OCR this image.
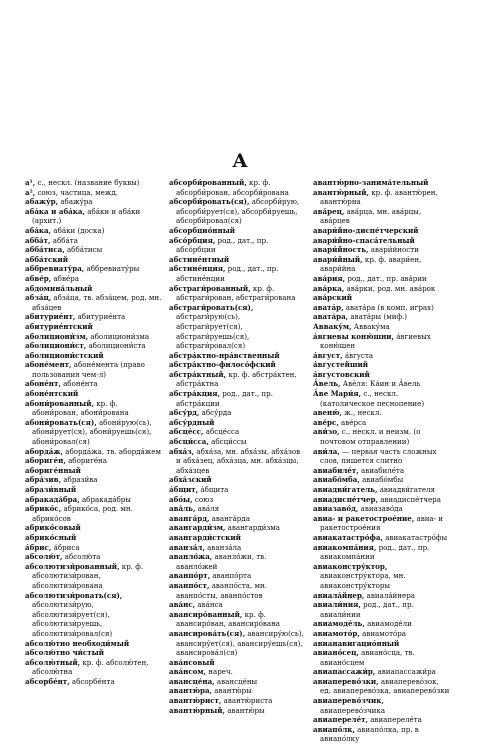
А

а¹, с., нескл. (название буквы)

а², союз, частица, межд.

абажу́р, абажу́ра

аба́ка и аба́ка, аба́ки и аба́ки (архит.)

аба́ка, аба́ки (доска)

абба́т, абба́та

абба́тиса, абба́тисы

абба́тский

аббревиату́ра, аббревиату́ры

абве́р, абве́ра

абдомина́льный

абза́ц, абза́ца, тв. абза́цем, род. мн. абза́цев

абитурие́нт, абитурие́нта

абитурие́нтский

аболициони́зм, аболициони́зма

аболициони́ст, аболициони́ста

аболициони́стский

абоне́мент, абоне́мента (право пользования чем-л)

абоне́нт, абоне́нта

абоне́нтский

абони́рованный, кр. ф. абони́рован, абони́рована

абони́ровать(ся), абони́рую(сь), абони́рует(ся), абони́руешь(ся), абони́ровал(ся)

аборда́ж, аборда́жа, тв. аборда́жем

абориге́н, абориге́на

абориге́нный

абра́зив, абрази́ва

абрази́вный

абракада́бра, абракада́бры

абрико́с, абрико́са, род. мн. абрико́сов

абрико́совый

абрико́сный

а́брис, а́бриса

абсолю́т, абсолю́та

абсолютизи́рованный, кр. ф. абсолютизи́рован, абсолютизи́рована

абсолютизи́ровать(ся), абсолютизи́рую, абсолютизи́рует(ся), абсолютизи́руешь, абсолютизи́ровал(ся)

абсолю́тно необходи́мый

абсолю́тно чи́стый

абсолю́тный, кр. ф. абсолю́тен, абсолю́тна

абсорбе́нт, абсорбе́нта

абсорби́рованный, кр. ф. абсорби́рован, абсорби́рована

абсорби́ровать(ся), абсорби́рую, абсорби́рует(ся), абсорби́руешь, абсорби́ровал(ся)

абсорбцио́нный

абсо́рбция, род., дат., пр. абсо́рбции

абстине́нтный

абстине́нция, род., дат., пр. абстине́нции

абстраги́рованный, кр. ф. абстраги́рован, абстраги́рована

абстраги́ровать(ся), абстраги́рую(сь), абстраги́рует(ся), абстраги́руешь(ся), абстраги́ровал(ся)

абстра́ктно-нра́вственный

абстра́ктно-филосо́фский

абстра́ктный, кр. ф. абстра́ктен, абстра́ктна

абстра́кция, род., дат., пр. абстра́кции

абсу́рд, абсу́рда

абсу́рдный

абсце́сс, абсце́сса

абсци́сса, абсци́ссы

абха́з, абха́за, мн. абха́зы, абха́зов и абха́зец, абха́зца, мн. абха́зцы, абха́зцев

абха́зский

а́бщит, а́бщита

або́ы, союз

ава́ль, ава́ля

аванга́рд, аванга́рда

авангарди́зм, авангарди́зма

авангарди́стский

аванза́л, аванза́ла

аванло́жа, аванло́жи, тв. аванло́жей

аванпо́рт, аванпо́рта

аванпо́ст, аванпо́ста, мн. аванпо́сты, аванпо́стов

ава́нс, ава́нса

авансиро́ванный, кр. ф. авансиро́ван, авансиро́вана

авансирова́ть(ся), авансиру́ю(сь), авансиру́ет(ся), авансиру́ешь(ся), авансирова́л(ся)

ава́нсовый

ава́нсом, нареч.

авансце́на, авансце́ны

авантю́ра, авантю́ры

авантю́рист, авантю́риста

авантю́рный, авантю́ры

авантю́рно-занима́тельный

авантю́рный, кр. ф. авантю́рен, авантю́рна

ава́рец, ава́рца, мн. ава́рцы, ава́рцев

авари́йно-диспе́тчерский

авари́йно-спаса́тельный

авари́йность, авари́йности

авари́йный, кр. ф. авари́ен, авари́йна

ава́рия, род., дат., пр. ава́рии

ава́рка, ава́рки, род. мн. ава́рок

ава́рский

авата́р, авата́ра (в комп. играх)

авата́ра, авата́ры (миф.)

Авваку́м, Авваку́ма

а́вгиевы коню́шни, а́вгиевых коню́шен

а́вгуст, а́вгуста

а́вгустейший

а́вгустовский

А́вель, Аве́ля: Ка́ин и А́вель

А́ве Мари́я, с., нескл. (католическое песнопение)

авеню́, ж., нескл.

аве́рс, аве́рса

ави́зо, с., нескл. и неизм. (о почтовом отправлении)

ави́ла, — первая часть сложных слов, пишется слитно

авиабиле́т, авиабиле́та

авиабо́мба, авиабо́мбы

авиадви́гатель, авиадви́гателя

авиадиспе́тчер, авиадиспе́тчера

авиазаво́д, авиазаво́да

авиа- и ракетострое́ние, авиа- и ракетострое́ния

авиакатастро́фа, авиакатастро́фы

авиакомпа́ния, род., дат., пр. авиакомпа́нии

авиаконстру́ктор, авиаконстру́ктора, мн. авиаконстру́кторы

авиала́йнер, авиала́йнера

авиали́ния, род., дат., пр. авиали́нии

авиамоде́ль, авиамоде́ли

авиамото́р, авиамото́ра

авианавигацио́нный

авиано́сец, авиано́сца, тв. авиано́сцем

авиапассажи́р, авиапассажи́ра

авиаперево́зки, авиаперево́зок, ед. авиаперево́зка, авиаперево́зки

авиаперево́зчик, авиаперево́зчика

авиапереле́т, авиапереле́та

авиапо́лк, авиапо́лка, пр. в авиапо́лку
